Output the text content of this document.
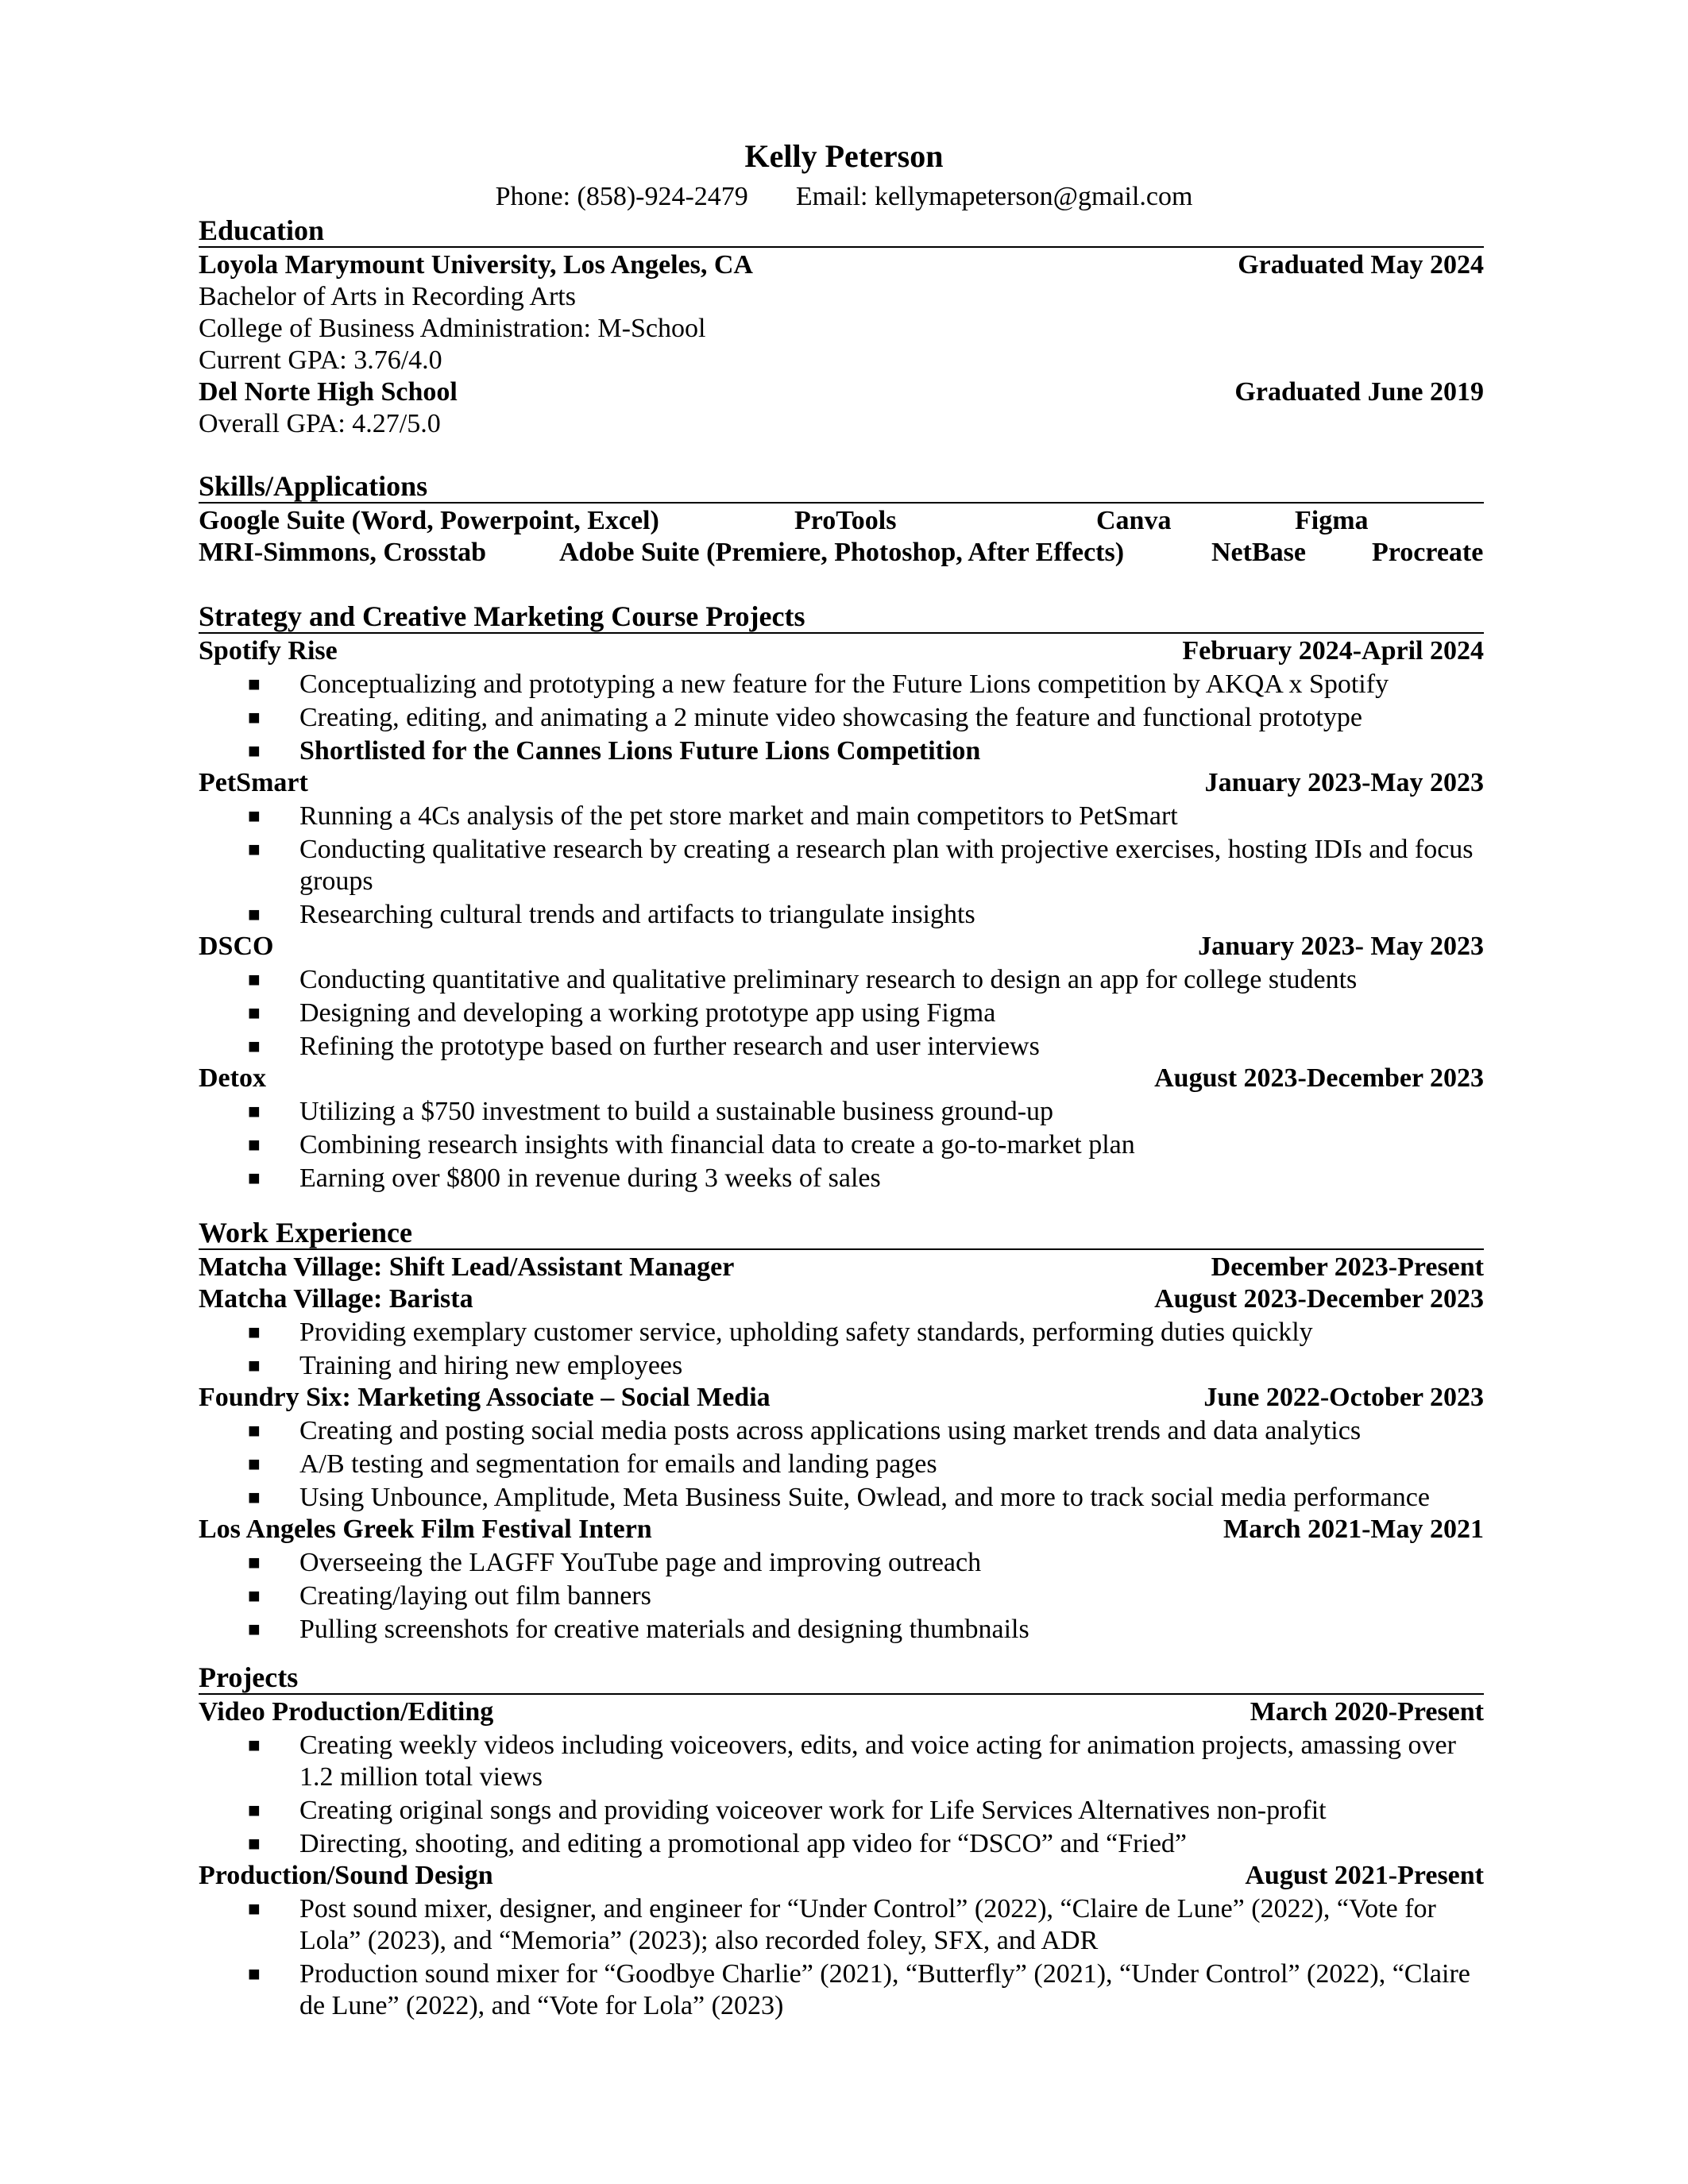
Kelly Peterson
Phone: (858)-924-2479 Email: kellymapeterson@gmail.com
Education
Loyola Marymount University, Los Angeles, CA	Graduated May 2024
Bachelor of Arts in Recording Arts
College of Business Administration: M-School
Current GPA: 3.76/4.0
Del Norte High School	Graduated June 2019
Overall GPA: 4.27/5.0
Skills/Applications
Google Suite (Word, Powerpoint, Excel)	ProTools	Canva	Figma
MRI-Simmons, Crosstab	Adobe Suite (Premiere, Photoshop, After Effects)	NetBase Procreate
Strategy and Creative Marketing Course Projects
Spotify Rise	February 2024-April 2024
■	Conceptualizing and prototyping a new feature for the Future Lions competition by AKQA x Spotify
■	Creating, editing, and animating a 2 minute video showcasing the feature and functional prototype
■	Shortlisted for the Cannes Lions Future Lions Competition
PetSmart	January 2023-May 2023
■	Running a 4Cs analysis of the pet store market and main competitors to PetSmart
■	Conducting qualitative research by creating a research plan with projective exercises, hosting IDIs and focus groups
■	Researching cultural trends and artifacts to triangulate insights
DSCO	January 2023- May 2023
■	Conducting quantitative and qualitative preliminary research to design an app for college students
■	Designing and developing a working prototype app using Figma
■	Refining the prototype based on further research and user interviews
Detox	August 2023-December 2023
■	Utilizing a $750 investment to build a sustainable business ground-up
■	Combining research insights with financial data to create a go-to-market plan
■	Earning over $800 in revenue during 3 weeks of sales
Work Experience
Matcha Village: Shift Lead/Assistant Manager	December 2023-Present
Matcha Village: Barista	August 2023-December 2023
■	Providing exemplary customer service, upholding safety standards, performing duties quickly
■	Training and hiring new employees
Foundry Six: Marketing Associate – Social Media	June 2022-October 2023
■	Creating and posting social media posts across applications using market trends and data analytics
■	A/B testing and segmentation for emails and landing pages
■	Using Unbounce, Amplitude, Meta Business Suite, Owlead, and more to track social media performance
Los Angeles Greek Film Festival Intern	March 2021-May 2021
■	Overseeing the LAGFF YouTube page and improving outreach
■	Creating/laying out film banners
■	Pulling screenshots for creative materials and designing thumbnails
Projects
Video Production/Editing	March 2020-Present
■	Creating weekly videos including voiceovers, edits, and voice acting for animation projects, amassing over 1.2 million total views
■	Creating original songs and providing voiceover work for Life Services Alternatives non-profit
■	Directing, shooting, and editing a promotional app video for “DSCO” and “Fried”
Production/Sound Design	August 2021-Present
■	Post sound mixer, designer, and engineer for “Under Control” (2022), “Claire de Lune” (2022), “Vote for Lola” (2023), and “Memoria” (2023); also recorded foley, SFX, and ADR
■	Production sound mixer for “Goodbye Charlie” (2021), “Butterfly” (2021), “Under Control” (2022), “Claire de Lune” (2022), and “Vote for Lola” (2023)
